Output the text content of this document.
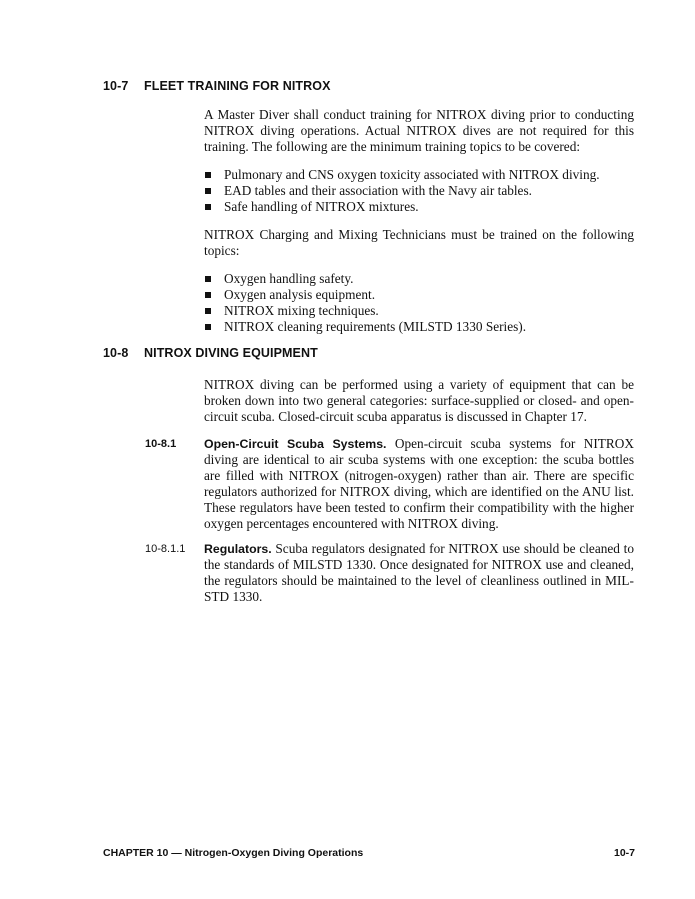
10-7 FLEET TRAINING FOR NITROX

A Master Diver shall conduct training for NITROX diving prior to conducting NITROX diving operations. Actual NITROX dives are not required for this training. The following are the minimum training topics to be covered:

Pulmonary and CNS oxygen toxicity associated with NITROX diving.
EAD tables and their association with the Navy air tables.
Safe handling of NITROX mixtures.

NITROX Charging and Mixing Technicians must be trained on the following topics:

Oxygen handling safety.
Oxygen analysis equipment.
NITROX mixing techniques.
NITROX cleaning requirements (MILSTD 1330 Series).
10-8 NITROX DIVING EQUIPMENT

NITROX diving can be performed using a variety of equipment that can be broken down into two general categories: surface-supplied or closed- and open-circuit scuba. Closed-circuit scuba apparatus is discussed in Chapter 17.

10-8.1 Open-Circuit Scuba Systems. Open-circuit scuba systems for NITROX diving are identical to air scuba systems with one exception: the scuba bottles are filled with NITROX (nitrogen-oxygen) rather than air. There are specific regulators authorized for NITROX diving, which are identified on the ANU list. These regulators have been tested to confirm their compatibility with the higher oxygen percentages encountered with NITROX diving.

10-8.1.1 Regulators. Scuba regulators designated for NITROX use should be cleaned to the standards of MILSTD 1330. Once designated for NITROX use and cleaned, the regulators should be maintained to the level of cleanliness outlined in MIL-STD 1330.

CHAPTER 10 — Nitrogen-Oxygen Diving Operations	10-7
